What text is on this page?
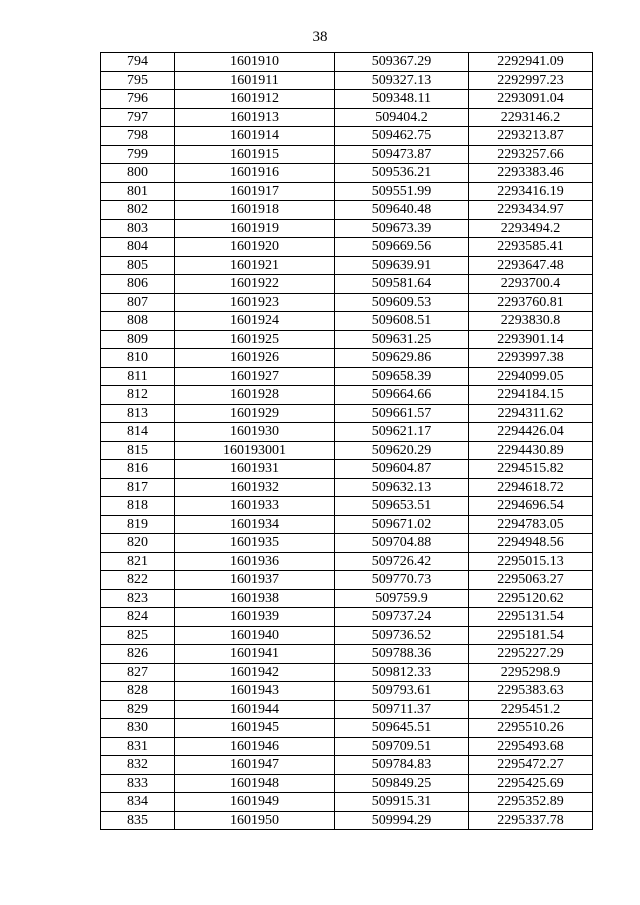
38
794	1601910	509367.29	2292941.09
795	1601911	509327.13	2292997.23
796	1601912	509348.11	2293091.04
797	1601913	509404.2	2293146.2
798	1601914	509462.75	2293213.87
799	1601915	509473.87	2293257.66
800	1601916	509536.21	2293383.46
801	1601917	509551.99	2293416.19
802	1601918	509640.48	2293434.97
803	1601919	509673.39	2293494.2
804	1601920	509669.56	2293585.41
805	1601921	509639.91	2293647.48
806	1601922	509581.64	2293700.4
807	1601923	509609.53	2293760.81
808	1601924	509608.51	2293830.8
809	1601925	509631.25	2293901.14
810	1601926	509629.86	2293997.38
811	1601927	509658.39	2294099.05
812	1601928	509664.66	2294184.15
813	1601929	509661.57	2294311.62
814	1601930	509621.17	2294426.04
815	160193001	509620.29	2294430.89
816	1601931	509604.87	2294515.82
817	1601932	509632.13	2294618.72
818	1601933	509653.51	2294696.54
819	1601934	509671.02	2294783.05
820	1601935	509704.88	2294948.56
821	1601936	509726.42	2295015.13
822	1601937	509770.73	2295063.27
823	1601938	509759.9	2295120.62
824	1601939	509737.24	2295131.54
825	1601940	509736.52	2295181.54
826	1601941	509788.36	2295227.29
827	1601942	509812.33	2295298.9
828	1601943	509793.61	2295383.63
829	1601944	509711.37	2295451.2
830	1601945	509645.51	2295510.26
831	1601946	509709.51	2295493.68
832	1601947	509784.83	2295472.27
833	1601948	509849.25	2295425.69
834	1601949	509915.31	2295352.89
835	1601950	509994.29	2295337.78
